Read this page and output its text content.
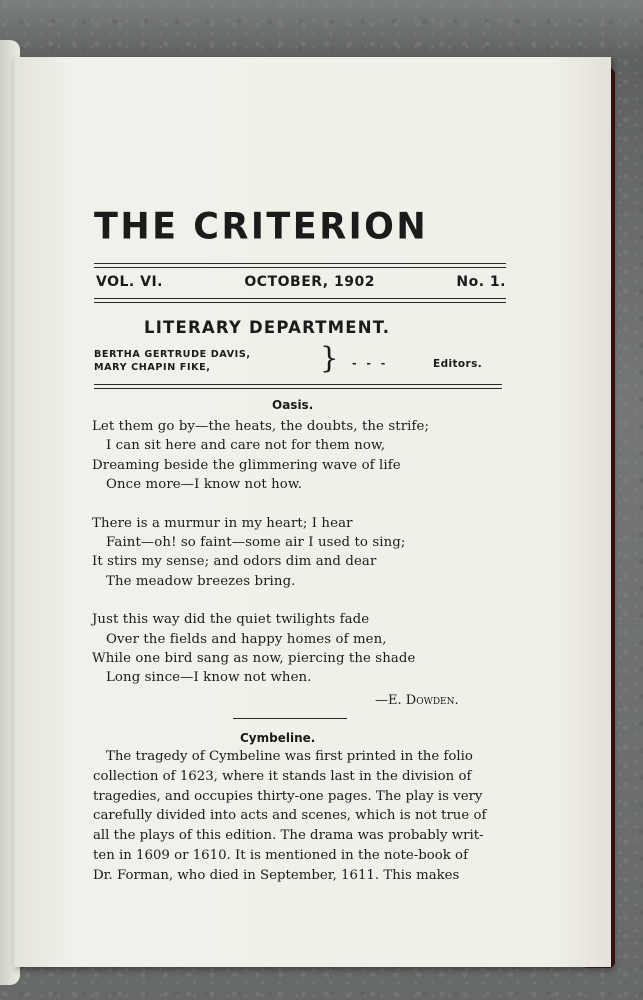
THE CRITERION
VOL. VI.	OCTOBER, 1902	No. 1.
LITERARY DEPARTMENT.
BERTHA GERTRUDE DAVIS,
MARY CHAPIN FIKE,	} - - -	Editors.
Oasis.
Let them go by—the heats, the doubts, the strife;
I can sit here and care not for them now,
Dreaming beside the glimmering wave of life
Once more—I know not how.
There is a murmur in my heart; I hear
Faint—oh! so faint—some air I used to sing;
It stirs my sense; and odors dim and dear
The meadow breezes bring.
Just this way did the quiet twilights fade
Over the fields and happy homes of men,
While one bird sang as now, piercing the shade
Long since—I know not when.
—E. Dowden.
Cymbeline.
The tragedy of Cymbeline was first printed in the folio
collection of 1623, where it stands last in the division of
tragedies, and occupies thirty-one pages. The play is very
carefully divided into acts and scenes, which is not true of
all the plays of this edition. The drama was probably writ-
ten in 1609 or 1610. It is mentioned in the note-book of
Dr. Forman, who died in September, 1611. This makes
